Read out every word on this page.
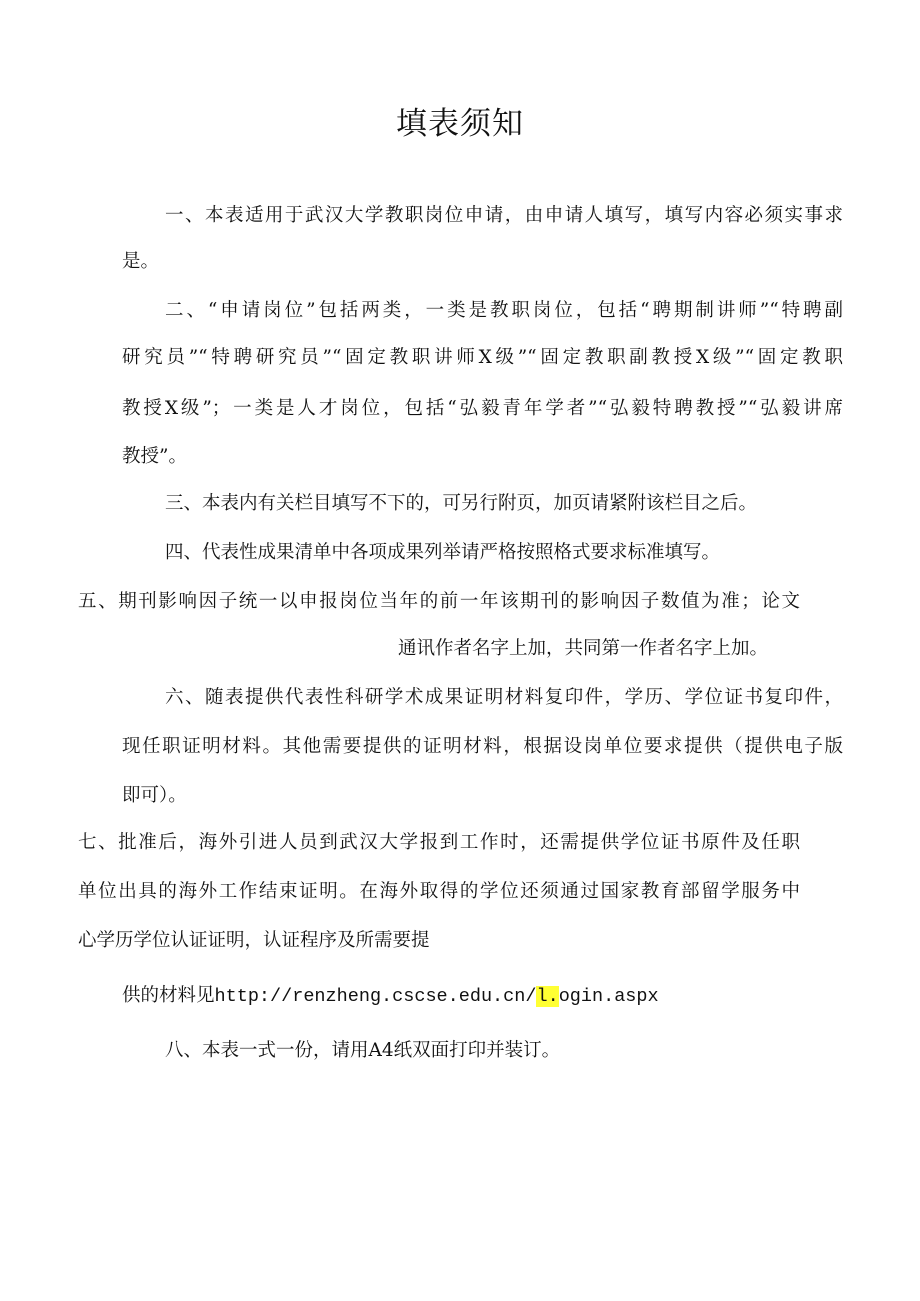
填表须知

一、本表适用于武汉大学教职岗位申请，由申请人填写，填写内容必须实事求

是。

二、“申请岗位”包括两类，一类是教职岗位，包括“聘期制讲师”“特聘副

研究员”“特聘研究员”“固定教职讲师X级”“固定教职副教授X级”“固定教职

教授X级”；一类是人才岗位，包括“弘毅青年学者”“弘毅特聘教授”“弘毅讲席

教授”。

三、本表内有关栏目填写不下的，可另行附页，加页请紧附该栏目之后。

四、代表性成果清单中各项成果列举请严格按照格式要求标准填写。

五、期刊影响因子统一以申报岗位当年的前一年该期刊的影响因子数值为准；论文

通讯作者名字上加，共同第一作者名字上加。

六、随表提供代表性科研学术成果证明材料复印件，学历、学位证书复印件，

现任职证明材料。其他需要提供的证明材料，根据设岗单位要求提供（提供电子版

即可）。

七、批准后，海外引进人员到武汉大学报到工作时，还需提供学位证书原件及任职

单位出具的海外工作结束证明。在海外取得的学位还须通过国家教育部留学服务中

心学历学位认证证明，认证程序及所需要提

供的材料见http://renzheng.cscse.edu.cn/l.ogin.aspx

八、本表一式一份，请用A4纸双面打印并装订。
